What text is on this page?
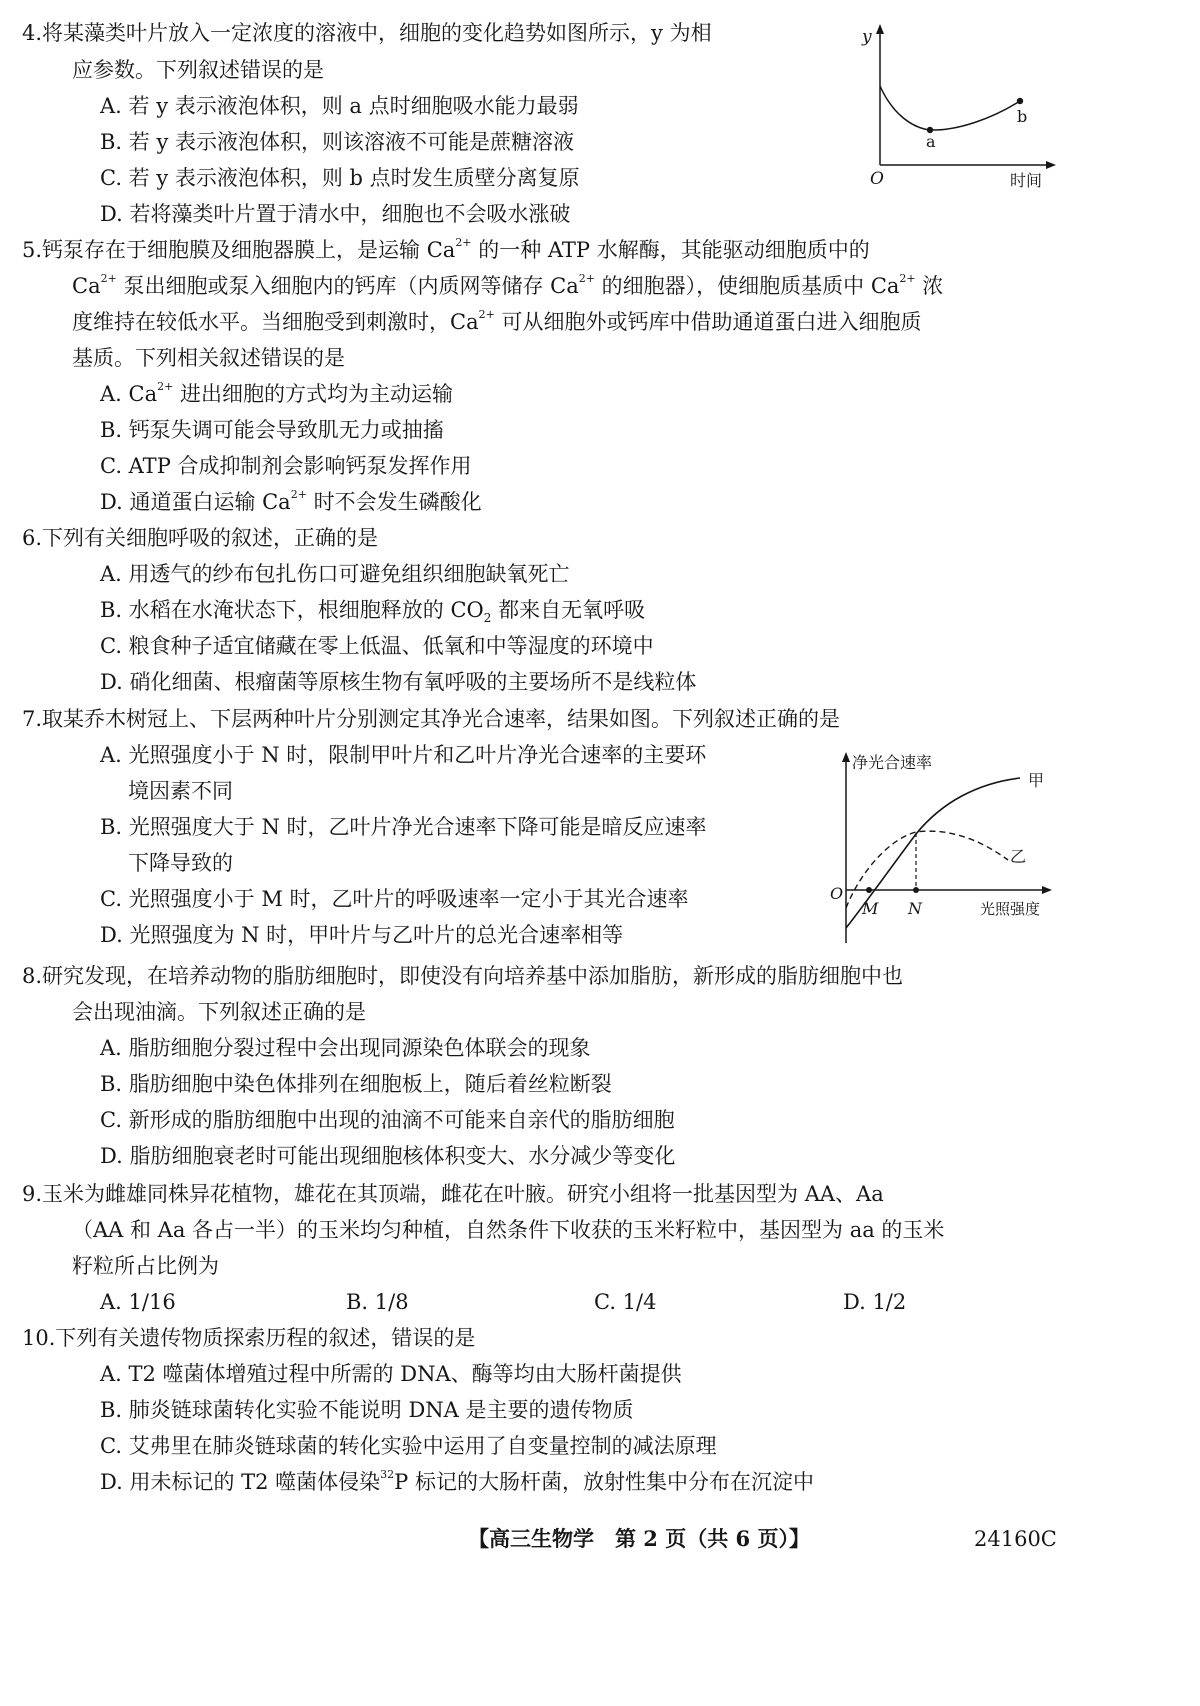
4.将某藻类叶片放入一定浓度的溶液中，细胞的变化趋势如图所示，y 为相
应参数。下列叙述错误的是
A. 若 y 表示液泡体积，则 a 点时细胞吸水能力最弱
B. 若 y 表示液泡体积，则该溶液不可能是蔗糖溶液
C. 若 y 表示液泡体积，则 b 点时发生质壁分离复原
D. 若将藻类叶片置于清水中，细胞也不会吸水涨破
y
O	时间
a
b
5.钙泵存在于细胞膜及细胞器膜上，是运输 $Ca^{2+}$ 的一种 ATP 水解酶，其能驱动细胞质中的
$Ca^{2+}$ 泵出细胞或泵入细胞内的钙库（内质网等储存 $Ca^{2+}$ 的细胞器），使细胞质基质中 $Ca^{2+}$ 浓
度维持在较低水平。当细胞受到刺激时，$Ca^{2+}$ 可从细胞外或钙库中借助通道蛋白进入细胞质
基质。下列相关叙述错误的是
A. $Ca^{2+}$ 进出细胞的方式均为主动运输
B. 钙泵失调可能会导致肌无力或抽搐
C. ATP 合成抑制剂会影响钙泵发挥作用
D. 通道蛋白运输 $Ca^{2+}$ 时不会发生磷酸化
6.下列有关细胞呼吸的叙述，正确的是
A. 用透气的纱布包扎伤口可避免组织细胞缺氧死亡
B. 水稻在水淹状态下，根细胞释放的 $CO_2$ 都来自无氧呼吸
C. 粮食种子适宜储藏在零上低温、低氧和中等湿度的环境中
D. 硝化细菌、根瘤菌等原核生物有氧呼吸的主要场所不是线粒体
7.取某乔木树冠上、下层两种叶片分别测定其净光合速率，结果如图。下列叙述正确的是
A. 光照强度小于 N 时，限制甲叶片和乙叶片净光合速率的主要环
境因素不同
B. 光照强度大于 N 时，乙叶片净光合速率下降可能是暗反应速率
下降导致的
C. 光照强度小于 M 时，乙叶片的呼吸速率一定小于其光合速率
D. 光照强度为 N 时，甲叶片与乙叶片的总光合速率相等
净光合速率
O
M N	光照强度
甲
乙
8.研究发现，在培养动物的脂肪细胞时，即使没有向培养基中添加脂肪，新形成的脂肪细胞中也
会出现油滴。下列叙述正确的是
A. 脂肪细胞分裂过程中会出现同源染色体联会的现象
B. 脂肪细胞中染色体排列在细胞板上，随后着丝粒断裂
C. 新形成的脂肪细胞中出现的油滴不可能来自亲代的脂肪细胞
D. 脂肪细胞衰老时可能出现细胞核体积变大、水分减少等变化
9.玉米为雌雄同株异花植物，雄花在其顶端，雌花在叶腋。研究小组将一批基因型为 AA、Aa
（AA 和 Aa 各占一半）的玉米均匀种植，自然条件下收获的玉米籽粒中，基因型为 aa 的玉米
籽粒所占比例为
A. 1/16	B. 1/8	C. 1/4	D. 1/2
10.下列有关遗传物质探索历程的叙述，错误的是
A. T2 噬菌体增殖过程中所需的 DNA、酶等均由大肠杆菌提供
B. 肺炎链球菌转化实验不能说明 DNA 是主要的遗传物质
C. 艾弗里在肺炎链球菌的转化实验中运用了自变量控制的减法原理
D. 用未标记的 T2 噬菌体侵染$^{32}$P 标记的大肠杆菌，放射性集中分布在沉淀中
【高三生物学　第 2 页（共 6 页）】	24160C
